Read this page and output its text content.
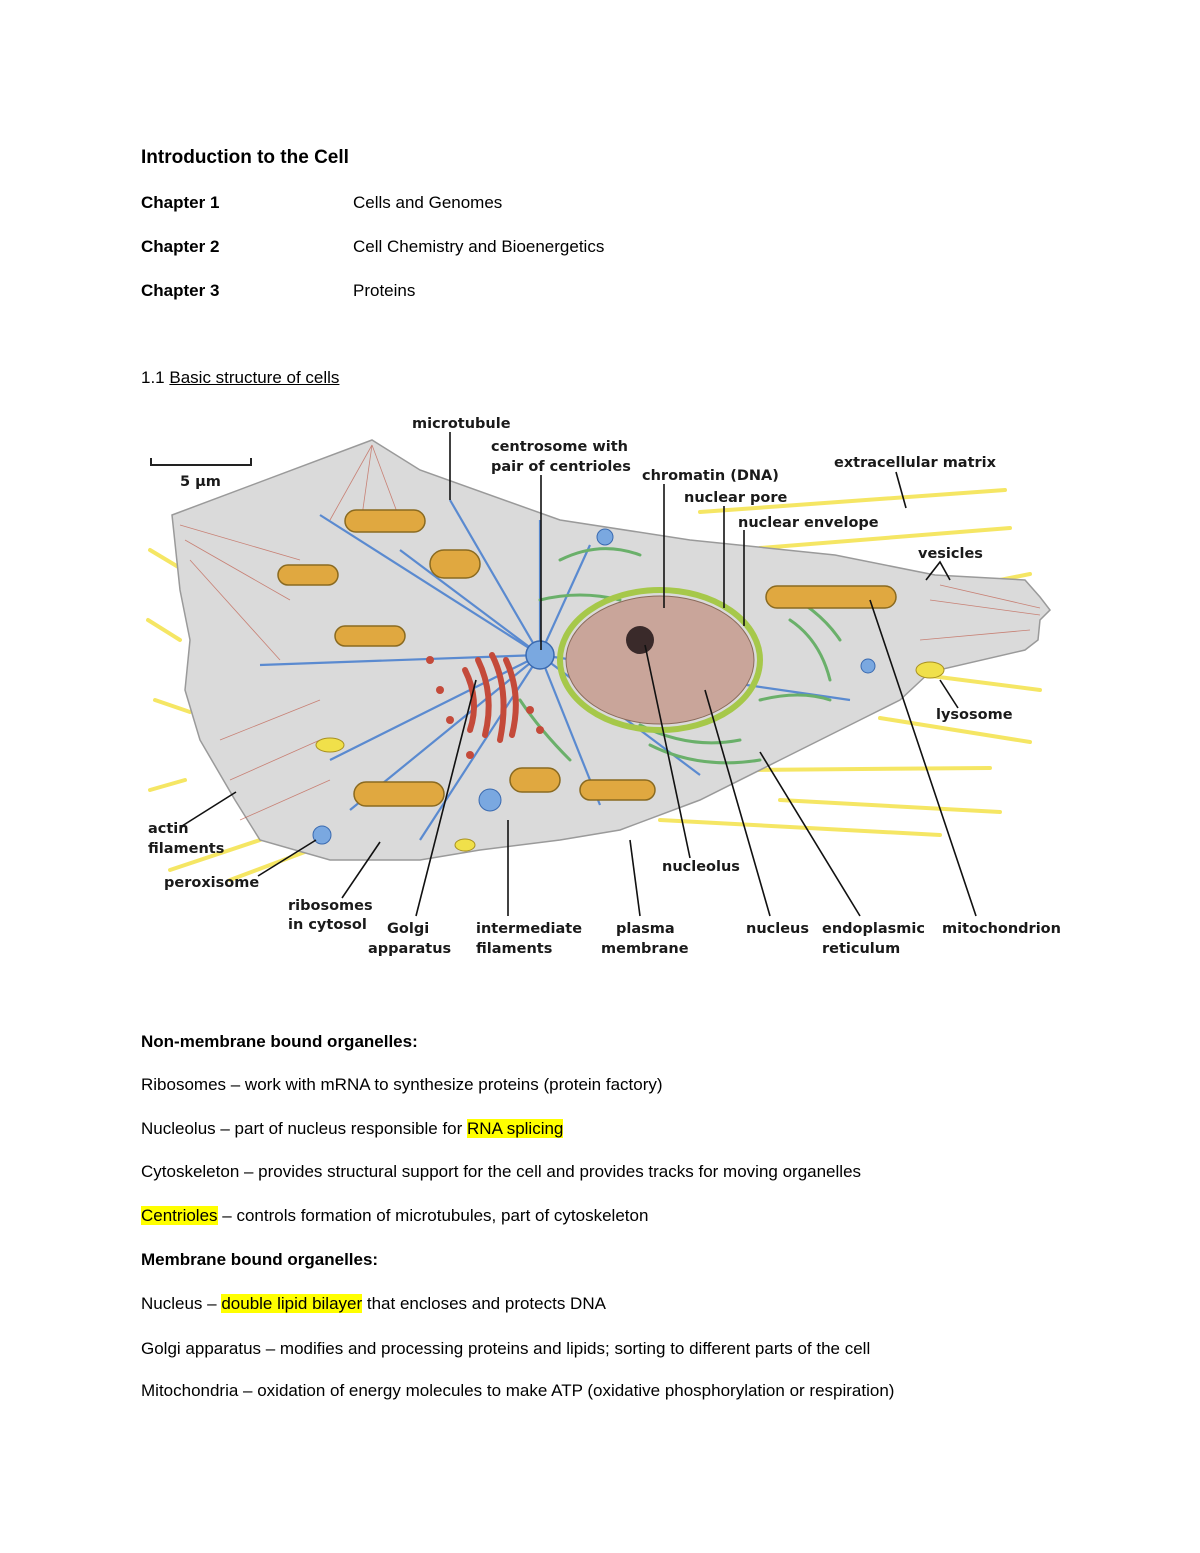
Introduction to the Cell
Chapter 1	Cells and Genomes
Chapter 2	Cell Chemistry and Bioenergetics
Chapter 3	Proteins
1.1 Basic structure of cells
5 µm
microtubule
centrosome with
pair of centrioles
chromatin (DNA)
nuclear pore
nuclear envelope
extracellular matrix
vesicles
lysosome
actin
filaments
peroxisome
ribosomes
in cytosol Golgi
apparatus
intermediate
filaments
plasma
membrane
nucleolus
nucleus endoplasmic
reticulum
mitochondrion
Non-membrane bound organelles:
Ribosomes – work with mRNA to synthesize proteins (protein factory)
Nucleolus – part of nucleus responsible for RNA splicing
Cytoskeleton – provides structural support for the cell and provides tracks for moving organelles
Centrioles – controls formation of microtubules, part of cytoskeleton
Membrane bound organelles:
Nucleus – double lipid bilayer that encloses and protects DNA
Golgi apparatus – modifies and processing proteins and lipids; sorting to different parts of the cell
Mitochondria – oxidation of energy molecules to make ATP (oxidative phosphorylation or respiration)
